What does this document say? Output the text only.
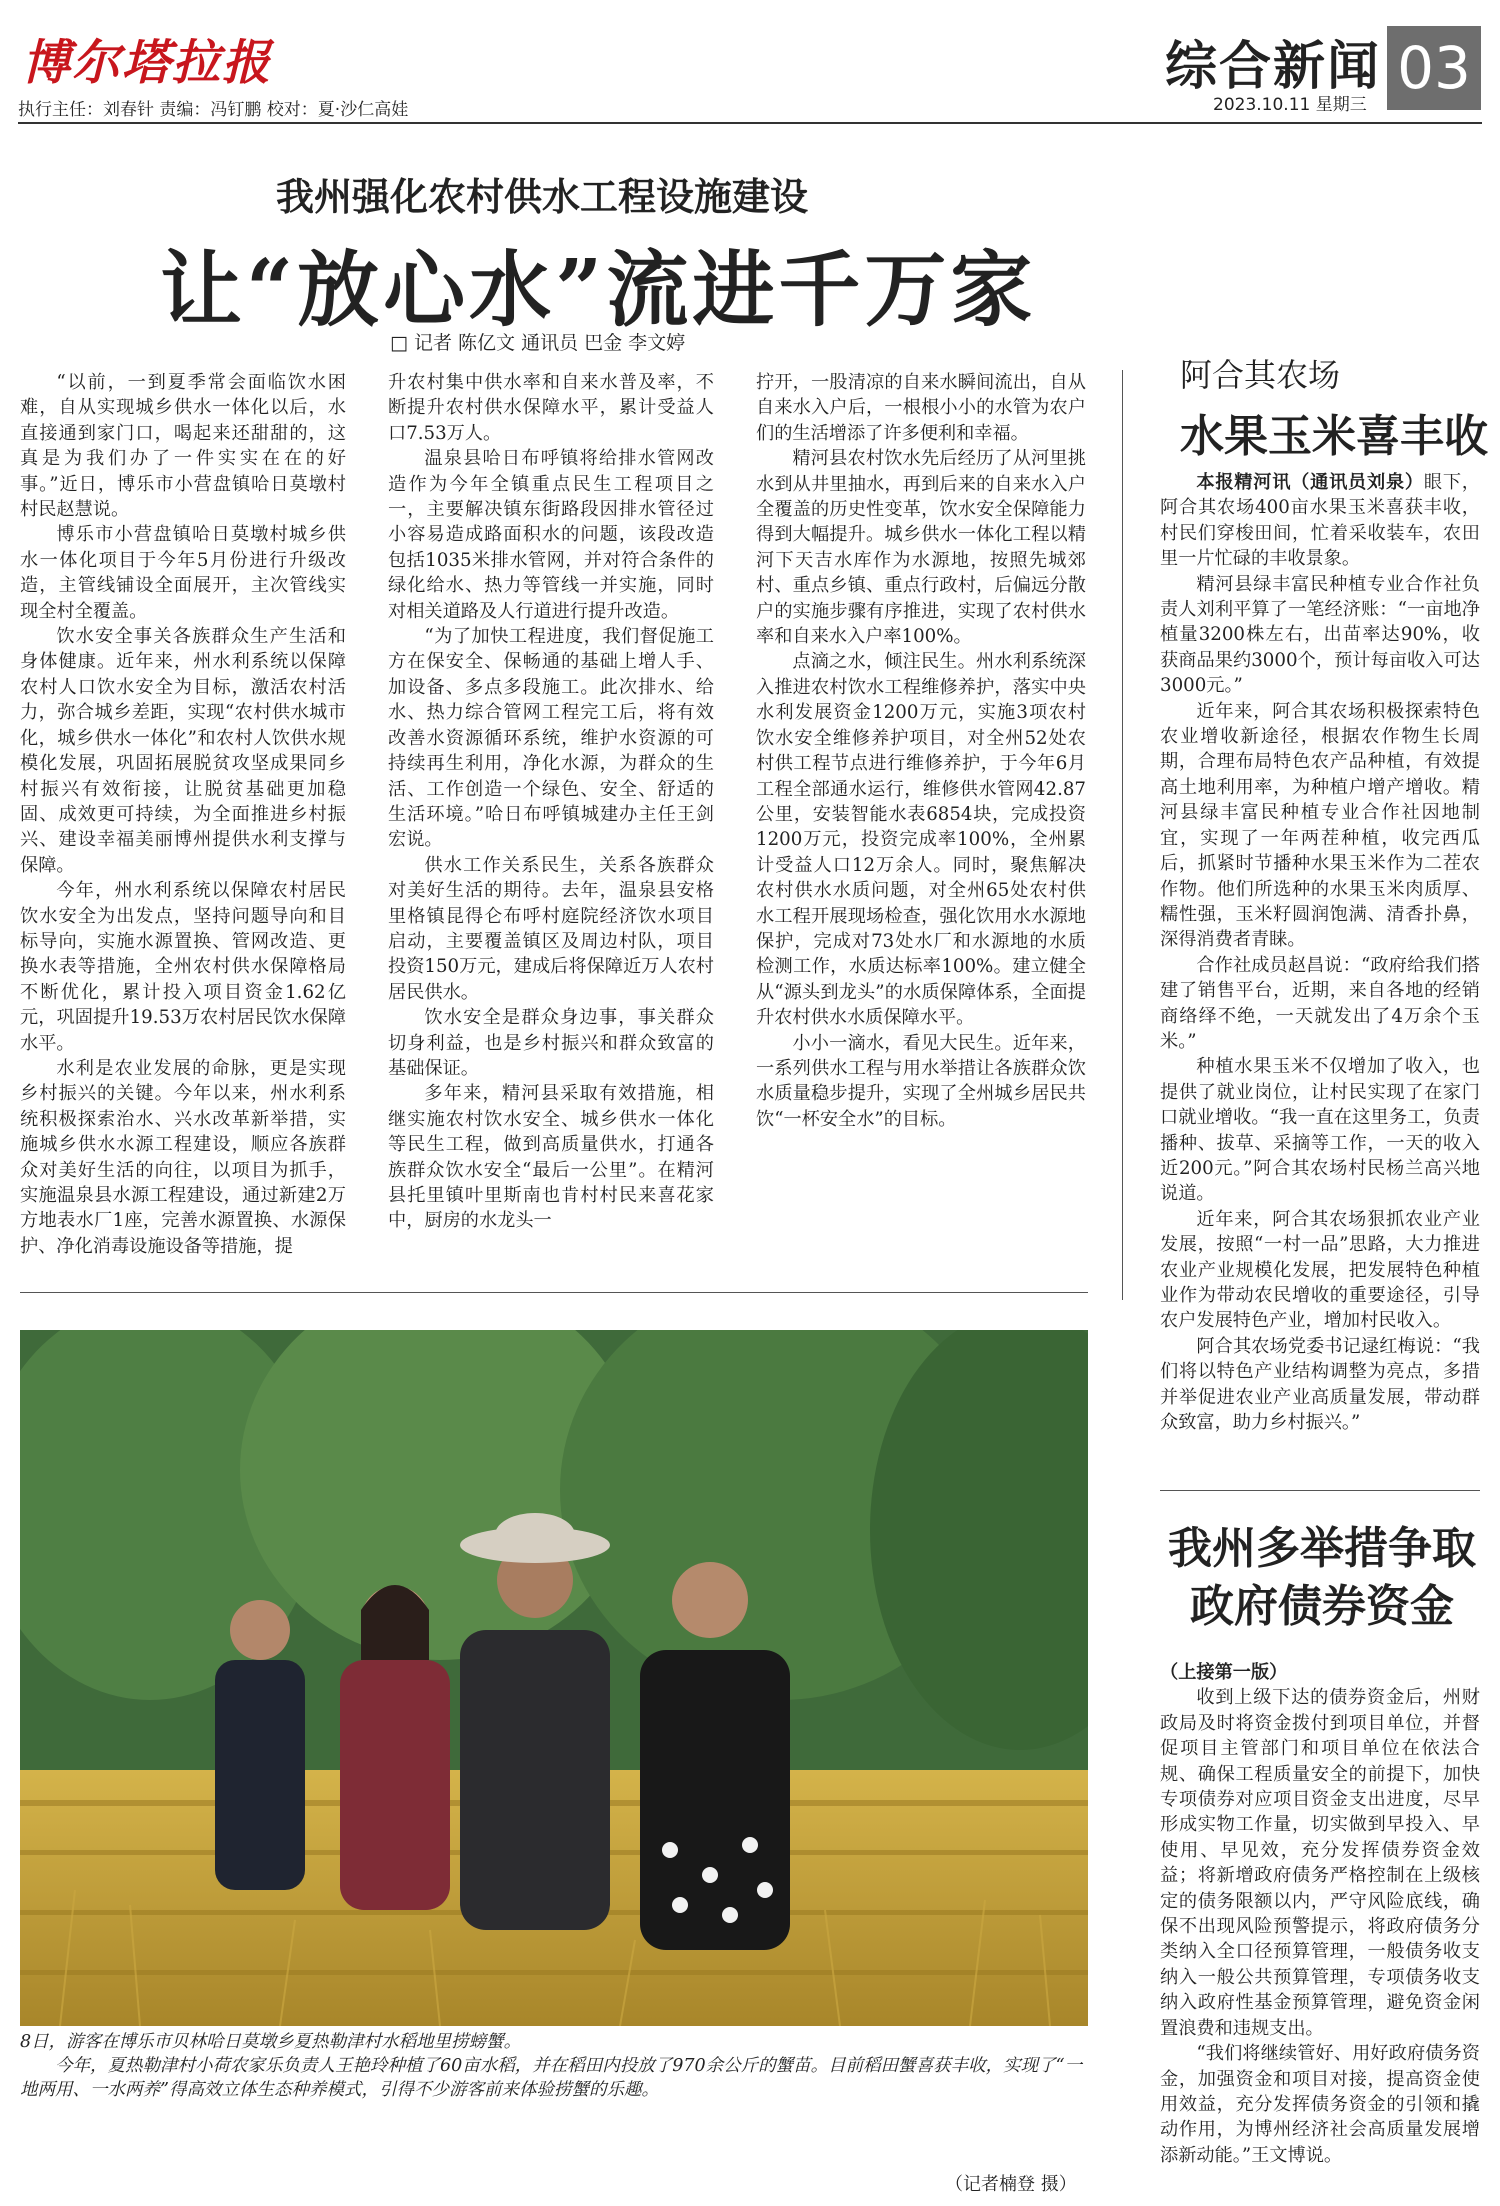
博尔塔拉报
执行主任：刘春针 责编：冯钉鹏 校对：夏·沙仁高娃
综合新闻 03
2023.10.11 星期三
我州强化农村供水工程设施建设
让“放心水”流进千万家
□ 记者 陈亿文 通讯员 巴金 李文婷

“以前，一到夏季常会面临饮水困难，自从实现城乡供水一体化以后，水直接通到家门口，喝起来还甜甜的，这真是为我们办了一件实实在在的好事。”近日，博乐市小营盘镇哈日莫墩村村民赵慧说。

博乐市小营盘镇哈日莫墩村城乡供水一体化项目于今年5月份进行升级改造，主管线铺设全面展开，主次管线实现全村全覆盖。

饮水安全事关各族群众生产生活和身体健康。近年来，州水利系统以保障农村人口饮水安全为目标，激活农村活力，弥合城乡差距，实现“农村供水城市化，城乡供水一体化”和农村人饮供水规模化发展，巩固拓展脱贫攻坚成果同乡村振兴有效衔接，让脱贫基础更加稳固、成效更可持续，为全面推进乡村振兴、建设幸福美丽博州提供水利支撑与保障。

今年，州水利系统以保障农村居民饮水安全为出发点，坚持问题导向和目标导向，实施水源置换、管网改造、更换水表等措施，全州农村供水保障格局不断优化，累计投入项目资金1.62亿元，巩固提升19.53万农村居民饮水保障水平。

水利是农业发展的命脉，更是实现乡村振兴的关键。今年以来，州水利系统积极探索治水、兴水改革新举措，实施城乡供水水源工程建设，顺应各族群众对美好生活的向往，以项目为抓手，实施温泉县水源工程建设，通过新建2万方地表水厂1座，完善水源置换、水源保护、净化消毒设施设备等措施，提

升农村集中供水率和自来水普及率，不断提升农村供水保障水平，累计受益人口7.53万人。

温泉县哈日布呼镇将给排水管网改造作为今年全镇重点民生工程项目之一，主要解决镇东街路段因排水管径过小容易造成路面积水的问题，该段改造包括1035米排水管网，并对符合条件的绿化给水、热力等管线一并实施，同时对相关道路及人行道进行提升改造。

“为了加快工程进度，我们督促施工方在保安全、保畅通的基础上增人手、加设备、多点多段施工。此次排水、给水、热力综合管网工程完工后，将有效改善水资源循环系统，维护水资源的可持续再生利用，净化水源，为群众的生活、工作创造一个绿色、安全、舒适的生活环境。”哈日布呼镇城建办主任王剑宏说。

供水工作关系民生，关系各族群众对美好生活的期待。去年，温泉县安格里格镇昆得仑布呼村庭院经济饮水项目启动，主要覆盖镇区及周边村队，项目投资150万元，建成后将保障近万人农村居民供水。

饮水安全是群众身边事，事关群众切身利益，也是乡村振兴和群众致富的基础保证。

多年来，精河县采取有效措施，相继实施农村饮水安全、城乡供水一体化等民生工程，做到高质量供水，打通各族群众饮水安全“最后一公里”。在精河县托里镇叶里斯南也肯村村民来喜花家中，厨房的水龙头一

拧开，一股清凉的自来水瞬间流出，自从自来水入户后，一根根小小的水管为农户们的生活增添了许多便利和幸福。

精河县农村饮水先后经历了从河里挑水到从井里抽水，再到后来的自来水入户全覆盖的历史性变革，饮水安全保障能力得到大幅提升。城乡供水一体化工程以精河下天吉水库作为水源地，按照先城郊村、重点乡镇、重点行政村，后偏远分散户的实施步骤有序推进，实现了农村供水率和自来水入户率100%。

点滴之水，倾注民生。州水利系统深入推进农村饮水工程维修养护，落实中央水利发展资金1200万元，实施3项农村饮水安全维修养护项目，对全州52处农村供工程节点进行维修养护，于今年6月工程全部通水运行，维修供水管网42.87公里，安装智能水表6854块，完成投资1200万元，投资完成率100%，全州累计受益人口12万余人。同时，聚焦解决农村供水水质问题，对全州65处农村供水工程开展现场检查，强化饮用水水源地保护，完成对73处水厂和水源地的水质检测工作，水质达标率100%。建立健全从“源头到龙头”的水质保障体系，全面提升农村供水水质保障水平。

小小一滴水，看见大民生。近年来，一系列供水工程与用水举措让各族群众饮水质量稳步提升，实现了全州城乡居民共饮“一杯安全水”的目标。

阿合其农场
水果玉米喜丰收

本报精河讯（通讯员刘泉）眼下，阿合其农场400亩水果玉米喜获丰收，村民们穿梭田间，忙着采收装车，农田里一片忙碌的丰收景象。

精河县绿丰富民种植专业合作社负责人刘利平算了一笔经济账：“一亩地净植量3200株左右，出苗率达90%，收获商品果约3000个，预计每亩收入可达3000元。”

近年来，阿合其农场积极探索特色农业增收新途径，根据农作物生长周期，合理布局特色农产品种植，有效提高土地利用率，为种植户增产增收。精河县绿丰富民种植专业合作社因地制宜，实现了一年两茬种植，收完西瓜后，抓紧时节播种水果玉米作为二茬农作物。他们所选种的水果玉米肉质厚、糯性强，玉米籽圆润饱满、清香扑鼻，深得消费者青睐。

合作社成员赵昌说：“政府给我们搭建了销售平台，近期，来自各地的经销商络绎不绝，一天就发出了4万余个玉米。”

种植水果玉米不仅增加了收入，也提供了就业岗位，让村民实现了在家门口就业增收。“我一直在这里务工，负责播种、拔草、采摘等工作，一天的收入近200元。”阿合其农场村民杨兰高兴地说道。

近年来，阿合其农场狠抓农业产业发展，按照“一村一品”思路，大力推进农业产业规模化发展，把发展特色种植业作为带动农民增收的重要途径，引导农户发展特色产业，增加村民收入。

阿合其农场党委书记逯红梅说：“我们将以特色产业结构调整为亮点，多措并举促进农业产业高质量发展，带动群众致富，助力乡村振兴。”

我州多举措争取
政府债券资金

（上接第一版）

收到上级下达的债券资金后，州财政局及时将资金拨付到项目单位，并督促项目主管部门和项目单位在依法合规、确保工程质量安全的前提下，加快专项债券对应项目资金支出进度，尽早形成实物工作量，切实做到早投入、早使用、早见效，充分发挥债券资金效益；将新增政府债务严格控制在上级核定的债务限额以内，严守风险底线，确保不出现风险预警提示，将政府债务分类纳入全口径预算管理，一般债务收支纳入一般公共预算管理，专项债务收支纳入政府性基金预算管理，避免资金闲置浪费和违规支出。

“我们将继续管好、用好政府债务资金，加强资金和项目对接，提高资金使用效益，充分发挥债务资金的引领和撬动作用，为博州经济社会高质量发展增添新动能。”王文博说。

8日，游客在博乐市贝林哈日莫墩乡夏热勒津村水稻地里捞螃蟹。

今年，夏热勒津村小荷农家乐负责人王艳玲种植了60亩水稻，并在稻田内投放了970余公斤的蟹苗。目前稻田蟹喜获丰收，实现了“一地两用、一水两养”得高效立体生态种养模式，引得不少游客前来体验捞蟹的乐趣。

（记者楠登 摄）
